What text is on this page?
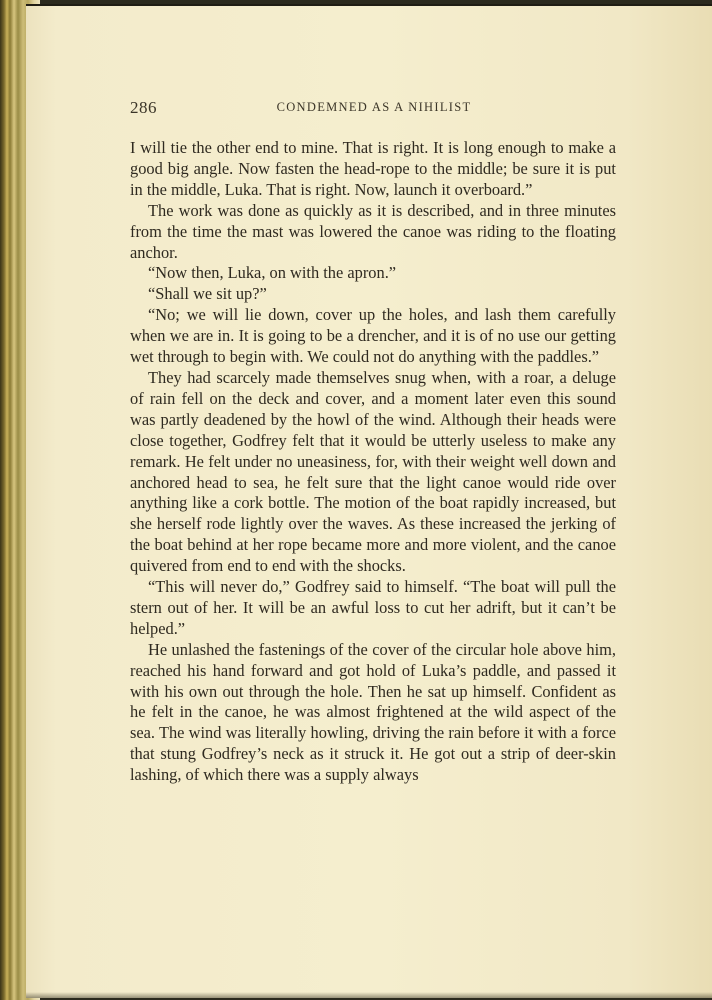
286	CONDEMNED AS A NIHILIST

I will tie the other end to mine. That is right. It is long enough to make a good big angle. Now fasten the head-rope to the middle; be sure it is put in the middle, Luka. That is right. Now, launch it overboard.”

The work was done as quickly as it is described, and in three minutes from the time the mast was lowered the canoe was riding to the floating anchor.

“Now then, Luka, on with the apron.”

“Shall we sit up?”

“No; we will lie down, cover up the holes, and lash them carefully when we are in. It is going to be a drencher, and it is of no use our getting wet through to begin with. We could not do anything with the paddles.”

They had scarcely made themselves snug when, with a roar, a deluge of rain fell on the deck and cover, and a moment later even this sound was partly deadened by the howl of the wind. Although their heads were close together, Godfrey felt that it would be utterly useless to make any remark. He felt under no uneasiness, for, with their weight well down and anchored head to sea, he felt sure that the light canoe would ride over anything like a cork bottle. The motion of the boat rapidly increased, but she herself rode lightly over the waves. As these increased the jerking of the boat behind at her rope became more and more violent, and the canoe quivered from end to end with the shocks.

“This will never do,” Godfrey said to himself. “The boat will pull the stern out of her. It will be an awful loss to cut her adrift, but it can’t be helped.”

He unlashed the fastenings of the cover of the circular hole above him, reached his hand forward and got hold of Luka’s paddle, and passed it with his own out through the hole. Then he sat up himself. Confident as he felt in the canoe, he was almost frightened at the wild aspect of the sea. The wind was literally howling, driving the rain before it with a force that stung Godfrey’s neck as it struck it. He got out a strip of deer-skin lashing, of which there was a supply always
